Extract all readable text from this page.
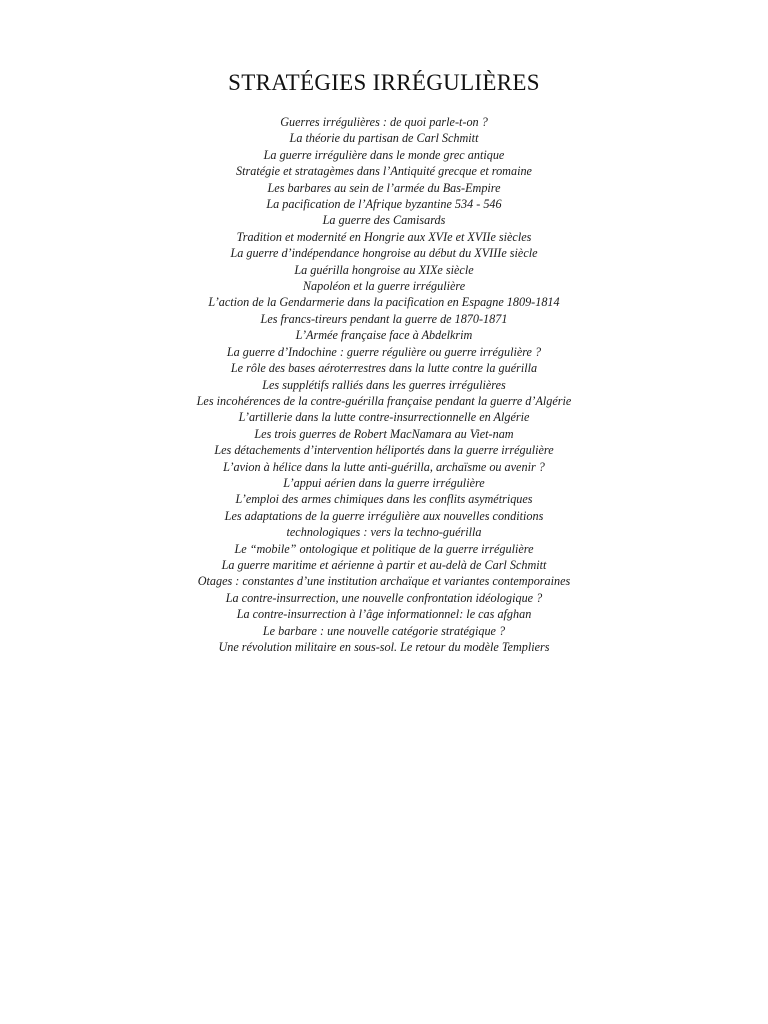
STRATÉGIES IRRÉGULIÈRES
Guerres irrégulières : de quoi parle-t-on ?
La théorie du partisan de Carl Schmitt
La guerre irrégulière dans le monde grec antique
Stratégie et stratagèmes dans l’Antiquité grecque et romaine
Les barbares au sein de l’armée du Bas-Empire
La pacification de l’Afrique byzantine 534 - 546
La guerre des Camisards
Tradition et modernité en Hongrie aux XVIe et XVIIe siècles
La guerre d’indépendance hongroise au début du XVIIIe siècle
La guérilla hongroise au XIXe siècle
Napoléon et la guerre irrégulière
L’action de la Gendarmerie dans la pacification en Espagne 1809-1814
Les francs-tireurs pendant la guerre de 1870-1871
L’Armée française face à Abdelkrim
La guerre d’Indochine : guerre régulière ou guerre irrégulière ?
Le rôle des bases aéroterrestres dans la lutte contre la guérilla
Les supplétifs ralliés dans les guerres irrégulières
Les incohérences de la contre-guérilla française pendant la guerre d’Algérie
L’artillerie dans la lutte contre-insurrectionnelle en Algérie
Les trois guerres de Robert MacNamara au Viet-nam
Les détachements d’intervention héliportés dans la guerre irrégulière
L’avion à hélice dans la lutte anti-guérilla, archaïsme ou avenir ?
L’appui aérien dans la guerre irrégulière
L’emploi des armes chimiques dans les conflits asymétriques
Les adaptations de la guerre irrégulière aux nouvelles conditions technologiques : vers la techno-guérilla
Le “mobile” ontologique et politique de la guerre irrégulière
La guerre maritime et aérienne à partir et au-delà de Carl Schmitt
Otages : constantes d’une institution archaïque et variantes contemporaines
La contre-insurrection, une nouvelle confrontation idéologique ?
La contre-insurrection à l’âge informationnel: le cas afghan
Le barbare : une nouvelle catégorie stratégique ?
Une révolution militaire en sous-sol. Le retour du modèle Templiers
